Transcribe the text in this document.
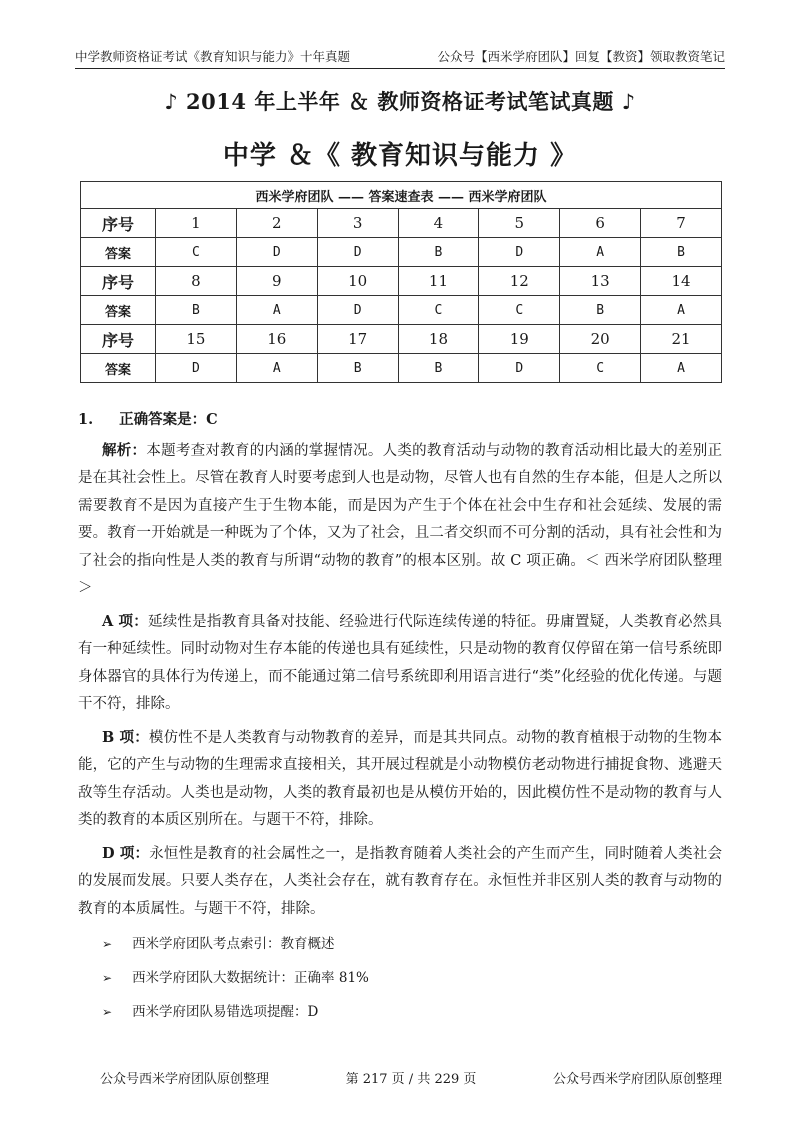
中学教师资格证考试《教育知识与能力》十年真题	公众号【西米学府团队】回复【教资】领取教资笔记
♪ 2014 年上半年 ＆ 教师资格证考试笔试真题 ♪
中学 ＆《 教育知识与能力 》
西米学府团队 —— 答案速查表 —— 西米学府团队							
序号	1	2	3	4	5	6	7
答案	C	D	D	B	D	A	B
序号	8	9	10	11	12	13	14
答案	B	A	D	C	C	B	A
序号	15	16	17	18	19	20	21
答案	D	A	B	B	D	C	A
1. 正确答案是：C

解析：本题考查对教育的内涵的掌握情况。人类的教育活动与动物的教育活动相比最大的差别正是在其社会性上。尽管在教育人时要考虑到人也是动物，尽管人也有自然的生存本能，但是人之所以需要教育不是因为直接产生于生物本能，而是因为产生于个体在社会中生存和社会延续、发展的需要。教育一开始就是一种既为了个体，又为了社会，且二者交织而不可分割的活动，具有社会性和为了社会的指向性是人类的教育与所谓“动物的教育”的根本区别。故 C 项正确。＜ 西米学府团队整理 ＞

A 项：延续性是指教育具备对技能、经验进行代际连续传递的特征。毋庸置疑，人类教育必然具有一种延续性。同时动物对生存本能的传递也具有延续性，只是动物的教育仅停留在第一信号系统即身体器官的具体行为传递上，而不能通过第二信号系统即利用语言进行“类”化经验的优化传递。与题干不符，排除。

B 项：模仿性不是人类教育与动物教育的差异，而是其共同点。动物的教育植根于动物的生物本能，它的产生与动物的生理需求直接相关，其开展过程就是小动物模仿老动物进行捕捉食物、逃避天敌等生存活动。人类也是动物，人类的教育最初也是从模仿开始的，因此模仿性不是动物的教育与人类的教育的本质区别所在。与题干不符，排除。

D 项：永恒性是教育的社会属性之一，是指教育随着人类社会的产生而产生，同时随着人类社会的发展而发展。只要人类存在，人类社会存在，就有教育存在。永恒性并非区别人类的教育与动物的教育的本质属性。与题干不符，排除。

➢ 西米学府团队考点索引：教育概述
➢ 西米学府团队大数据统计：正确率 81%
➢ 西米学府团队易错选项提醒：D
公众号西米学府团队原创整理	第 217 页 / 共 229 页	公众号西米学府团队原创整理
